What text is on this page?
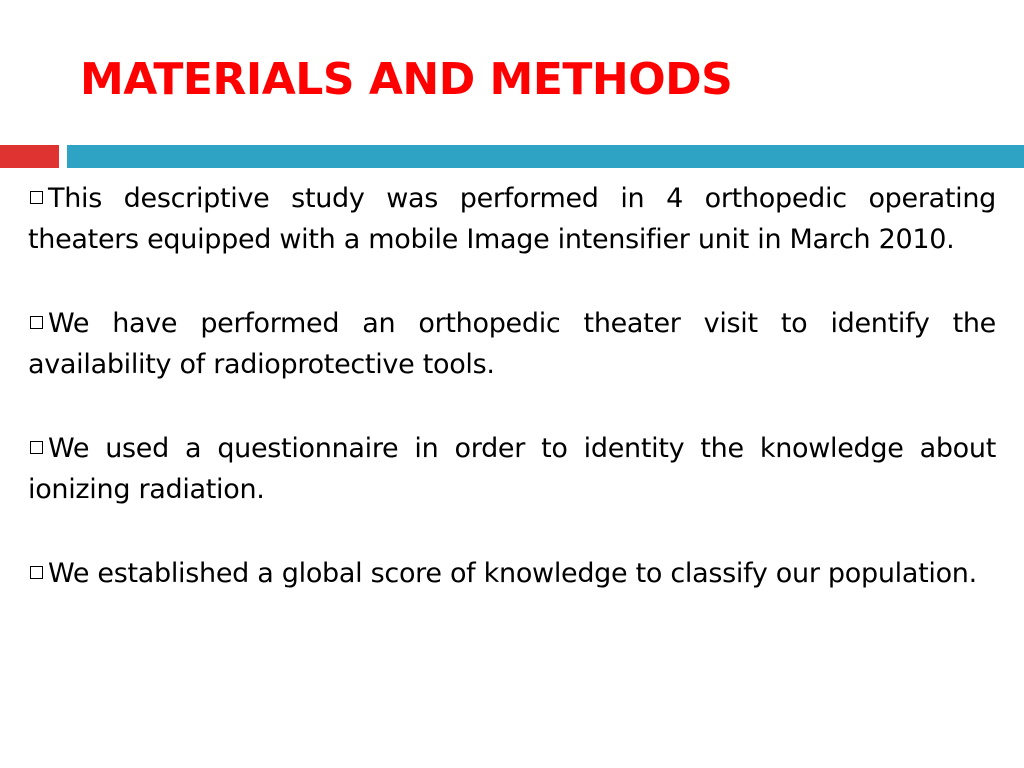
MATERIALS AND METHODS

This descriptive study was performed in 4 orthopedic operating theaters equipped with a mobile Image intensifier unit in March 2010.

We have performed an orthopedic theater visit to identify the availability of radioprotective tools.

We used a questionnaire in order to identity the knowledge about ionizing radiation.

We established a global score of knowledge to classify our population.
